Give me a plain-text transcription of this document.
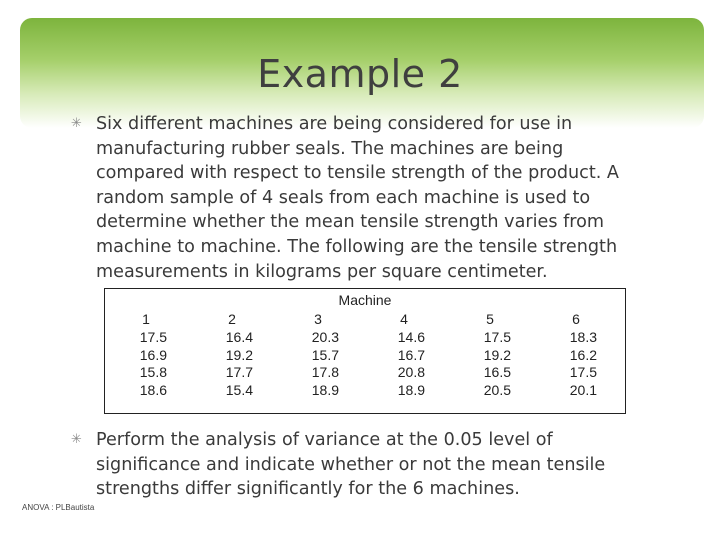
Example 2
✳ Six different machines are being considered for use in manufacturing rubber seals. The machines are being compared with respect to tensile strength of the product. A random sample of 4 seals from each machine is used to determine whether the mean tensile strength varies from machine to machine. The following are the tensile strength measurements in kilograms per square centimeter.
Machine
1
17.5
16.9
15.8
18.6
2
16.4
19.2
17.7
15.4
3
20.3
15.7
17.8
18.9
4
14.6
16.7
20.8
18.9
5
17.5
19.2
16.5
20.5
6
18.3
16.2
17.5
20.1
✳ Perform the analysis of variance at the 0.05 level of significance and indicate whether or not the mean tensile strengths differ significantly for the 6 machines.
ANOVA : PLBautista
